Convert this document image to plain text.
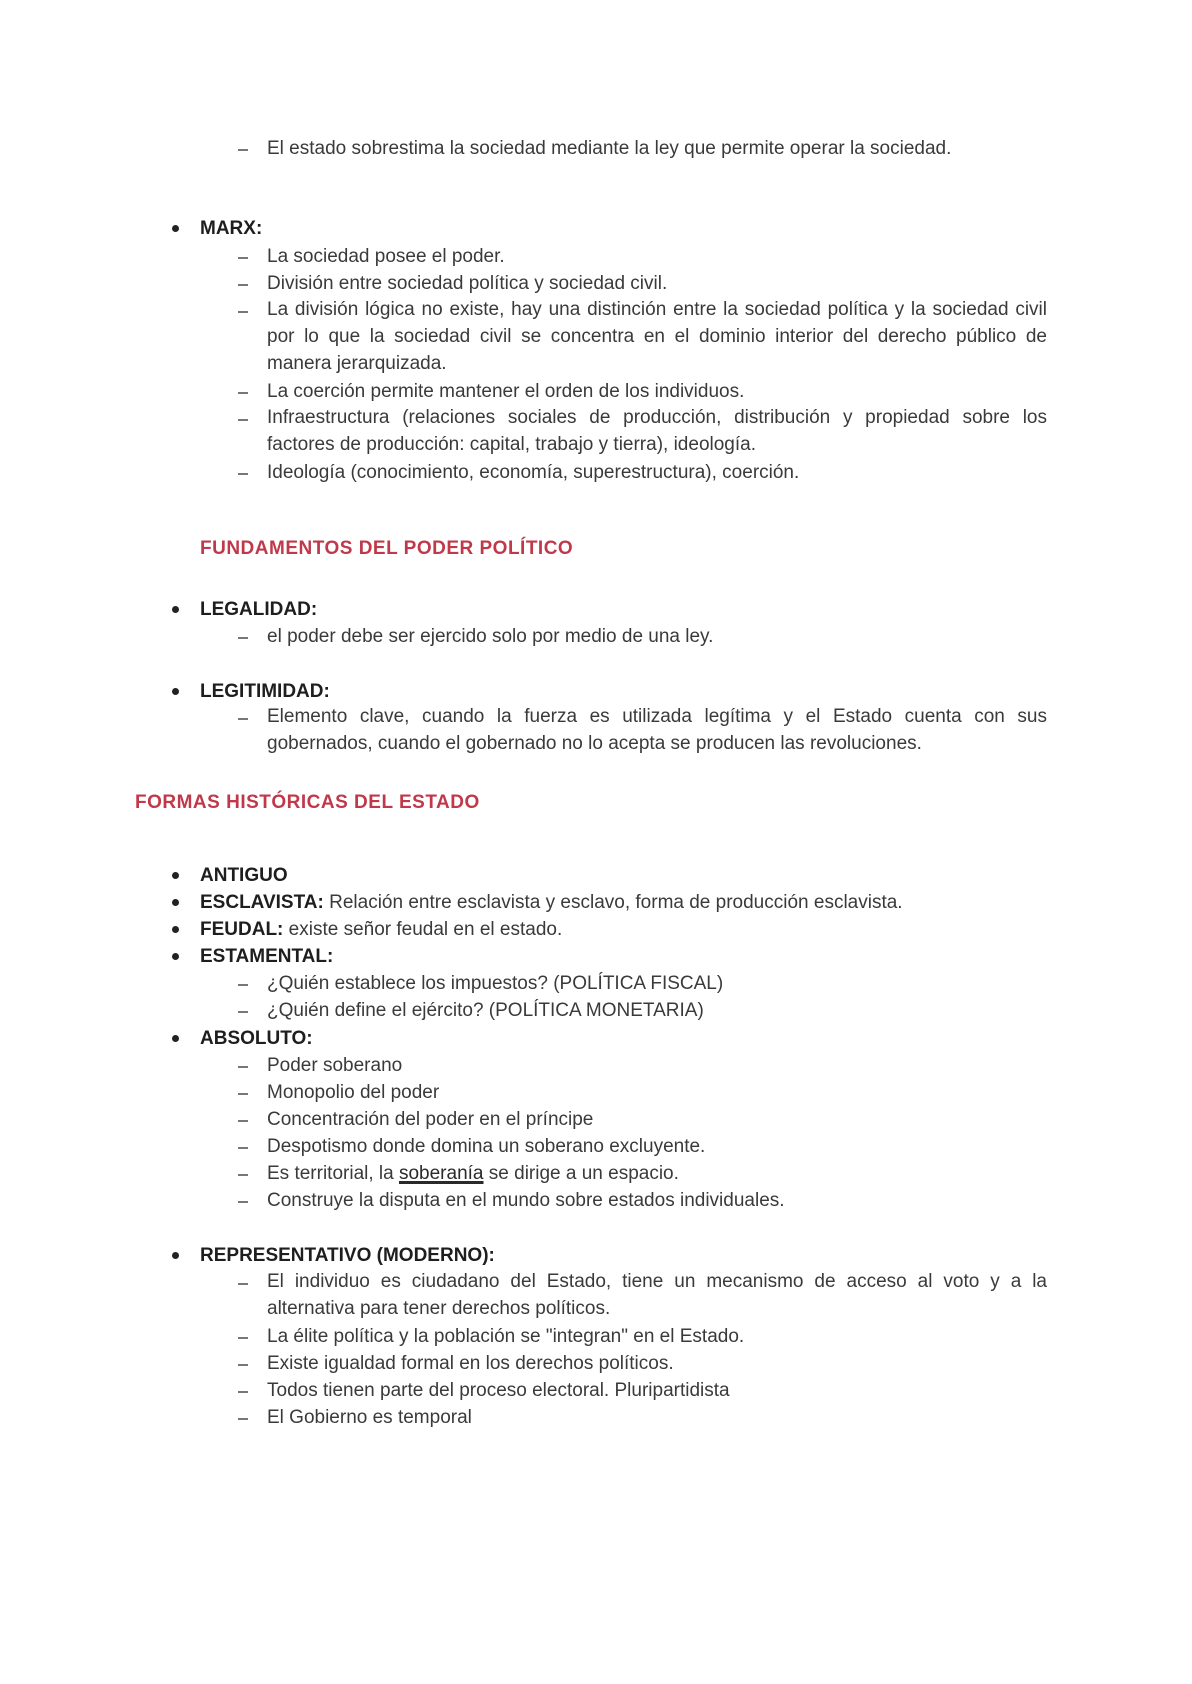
El estado sobrestima la sociedad mediante la ley que permite operar la sociedad.
MARX:
La sociedad posee el poder.
División entre sociedad política y sociedad civil.
La división lógica no existe, hay una distinción entre la sociedad política y la sociedad civil por lo que la sociedad civil se concentra en el dominio interior del derecho público de manera jerarquizada.
La coerción permite mantener el orden de los individuos.
Infraestructura (relaciones sociales de producción, distribución y propiedad sobre los factores de producción: capital, trabajo y tierra), ideología.
Ideología (conocimiento, economía, superestructura), coerción.
FUNDAMENTOS DEL PODER POLÍTICO
LEGALIDAD:
el poder debe ser ejercido solo por medio de una ley.
LEGITIMIDAD:
Elemento clave, cuando la fuerza es utilizada legítima y el Estado cuenta con sus gobernados, cuando el gobernado no lo acepta se producen las revoluciones.
FORMAS HISTÓRICAS DEL ESTADO
ANTIGUO
ESCLAVISTA: Relación entre esclavista y esclavo, forma de producción esclavista.
FEUDAL: existe señor feudal en el estado.
ESTAMENTAL:
¿Quién establece los impuestos? (POLÍTICA FISCAL)
¿Quién define el ejército? (POLÍTICA MONETARIA)
ABSOLUTO:
Poder soberano
Monopolio del poder
Concentración del poder en el príncipe
Despotismo donde domina un soberano excluyente.
Es territorial, la soberanía se dirige a un espacio.
Construye la disputa en el mundo sobre estados individuales.
REPRESENTATIVO (MODERNO):
El individuo es ciudadano del Estado, tiene un mecanismo de acceso al voto y a la alternativa para tener derechos políticos.
La élite política y la población se "integran" en el Estado.
Existe igualdad formal en los derechos políticos.
Todos tienen parte del proceso electoral. Pluripartidista
El Gobierno es temporal
